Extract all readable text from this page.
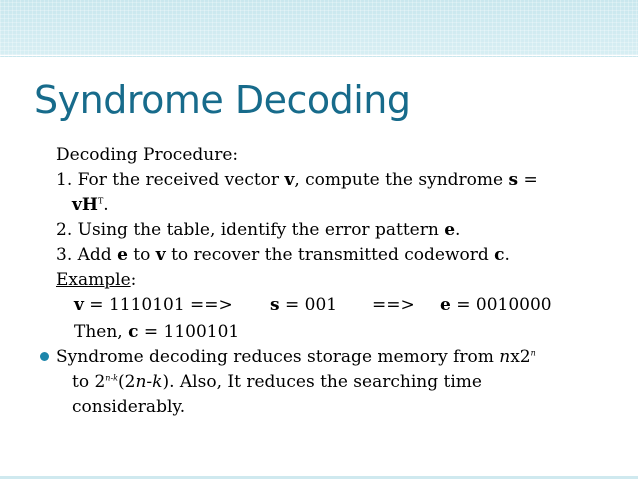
Syndrome Decoding
Decoding Procedure:
1. For the received vector v, compute the syndrome s =
$vH^T$.
2. Using the table, identify the error pattern e.
3. Add e to v to recover the transmitted codeword c.
Example:
v = 1110101 ==> s = 001 ==> e = 0010000
Then, c = 1100101
Syndrome decoding reduces storage memory from nx2$^n$
to 2$^{n-k}$(2n-k). Also, It reduces the searching time
considerably.
